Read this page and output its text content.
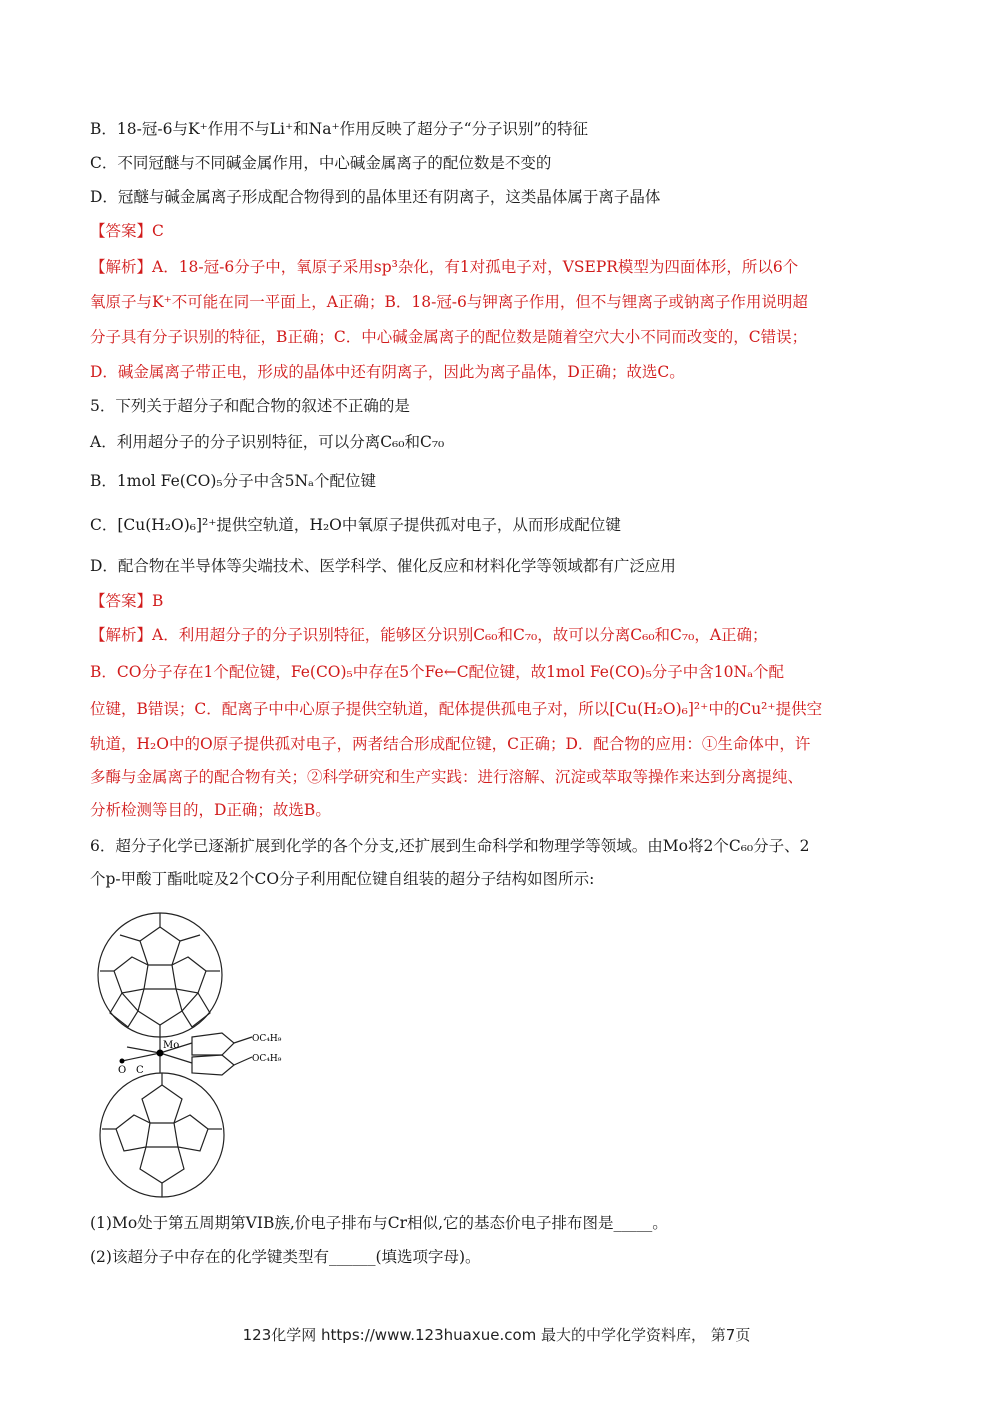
B．18-冠-6与K⁺作用不与Li⁺和Na⁺作用反映了超分子“分子识别”的特征
C．不同冠醚与不同碱金属作用，中心碱金属离子的配位数是不变的
D．冠醚与碱金属离子形成配合物得到的晶体里还有阴离子，这类晶体属于离子晶体
【答案】C
【解析】A．18-冠-6分子中，氧原子采用sp³杂化，有1对孤电子对，VSEPR模型为四面体形，所以6个
氧原子与K⁺不可能在同一平面上，A正确；B．18-冠-6与钾离子作用，但不与锂离子或钠离子作用说明超
分子具有分子识别的特征，B正确；C．中心碱金属离子的配位数是随着空穴大小不同而改变的，C错误；
D．碱金属离子带正电，形成的晶体中还有阴离子，因此为离子晶体，D正确；故选C。
5．下列关于超分子和配合物的叙述不正确的是
A．利用超分子的分子识别特征，可以分离C₆₀和C₇₀
B．1mol Fe(CO)₅分子中含5Nₐ个配位键
C．[Cu(H₂O)₆]²⁺提供空轨道，H₂O中氧原子提供孤对电子，从而形成配位键
D．配合物在半导体等尖端技术、医学科学、催化反应和材料化学等领域都有广泛应用
【答案】B
【解析】A．利用超分子的分子识别特征，能够区分识别C₆₀和C₇₀，故可以分离C₆₀和C₇₀，A正确；
B．CO分子存在1个配位键，Fe(CO)₅中存在5个Fe←C配位键，故1mol Fe(CO)₅分子中含10Nₐ个配
位键，B错误；C．配离子中中心原子提供空轨道，配体提供孤电子对，所以[Cu(H₂O)₆]²⁺中的Cu²⁺提供空
轨道，H₂O中的O原子提供孤对电子，两者结合形成配位键，C正确；D．配合物的应用：①生命体中，许
多酶与金属离子的配合物有关；②科学研究和生产实践：进行溶解、沉淀或萃取等操作来达到分离提纯、
分析检测等目的，D正确；故选B。
6．超分子化学已逐渐扩展到化学的各个分支,还扩展到生命科学和物理学等领域。由Mo将2个C₆₀分子、2
个p-甲酸丁酯吡啶及2个CO分子利用配位键自组装的超分子结构如图所示:
Mo
O C
OC₄H₉
OC₄H₉
(1)Mo处于第五周期第VIB族,价电子排布与Cr相似,它的基态价电子排布图是_____。
(2)该超分子中存在的化学键类型有______(填选项字母)。
123化学网 https://www.123huaxue.com 最大的中学化学资料库， 第7页
